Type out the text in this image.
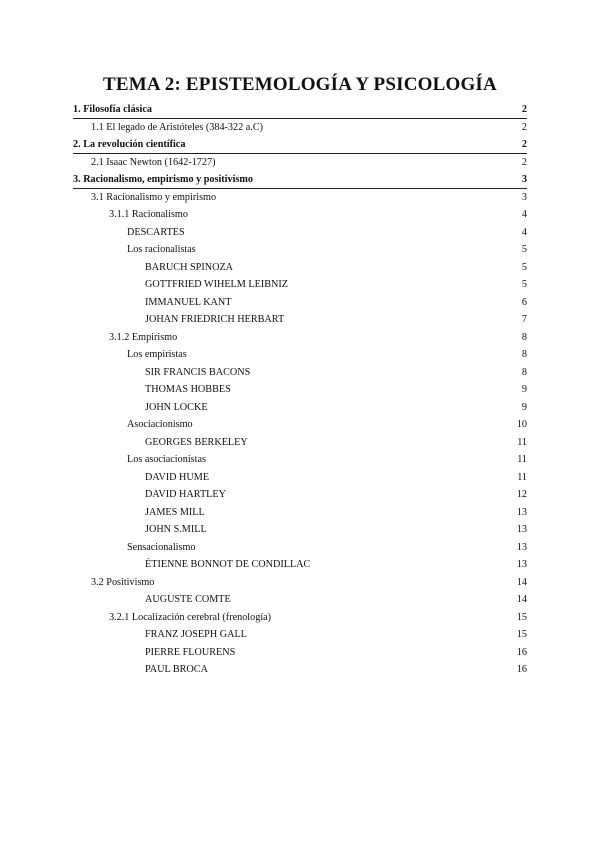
TEMA 2: EPISTEMOLOGÍA Y PSICOLOGÍA
1. Filosofía clásica	2
1.1 El legado de Aristóteles (384-322 a.C)	2
2. La revolución científica	2
2.1 Isaac Newton (1642-1727)	2
3. Racionalismo, empirismo y positivismo	3
3.1 Racionalismo y empirismo	3
3.1.1 Racionalismo	4
DESCARTES	4
Los racionalistas	5
BARUCH SPINOZA	5
GOTTFRIED WIHELM LEIBNIZ	5
IMMANUEL KANT	6
JOHAN FRIEDRICH HERBART	7
3.1.2 Empirismo	8
Los empiristas	8
SIR FRANCIS BACONS	8
THOMAS HOBBES	9
JOHN LOCKE	9
Asociacionismo	10
GEORGES BERKELEY	11
Los asociacionistas	11
DAVID HUME	11
DAVID HARTLEY	12
JAMES MILL	13
JOHN S.MILL	13
Sensacionalismo	13
ÉTIENNE BONNOT DE CONDILLAC	13
3.2 Positivismo	14
AUGUSTE COMTE	14
3.2.1 Localización cerebral (frenología)	15
FRANZ JOSEPH GALL	15
PIERRE FLOURENS	16
PAUL BROCA	16
